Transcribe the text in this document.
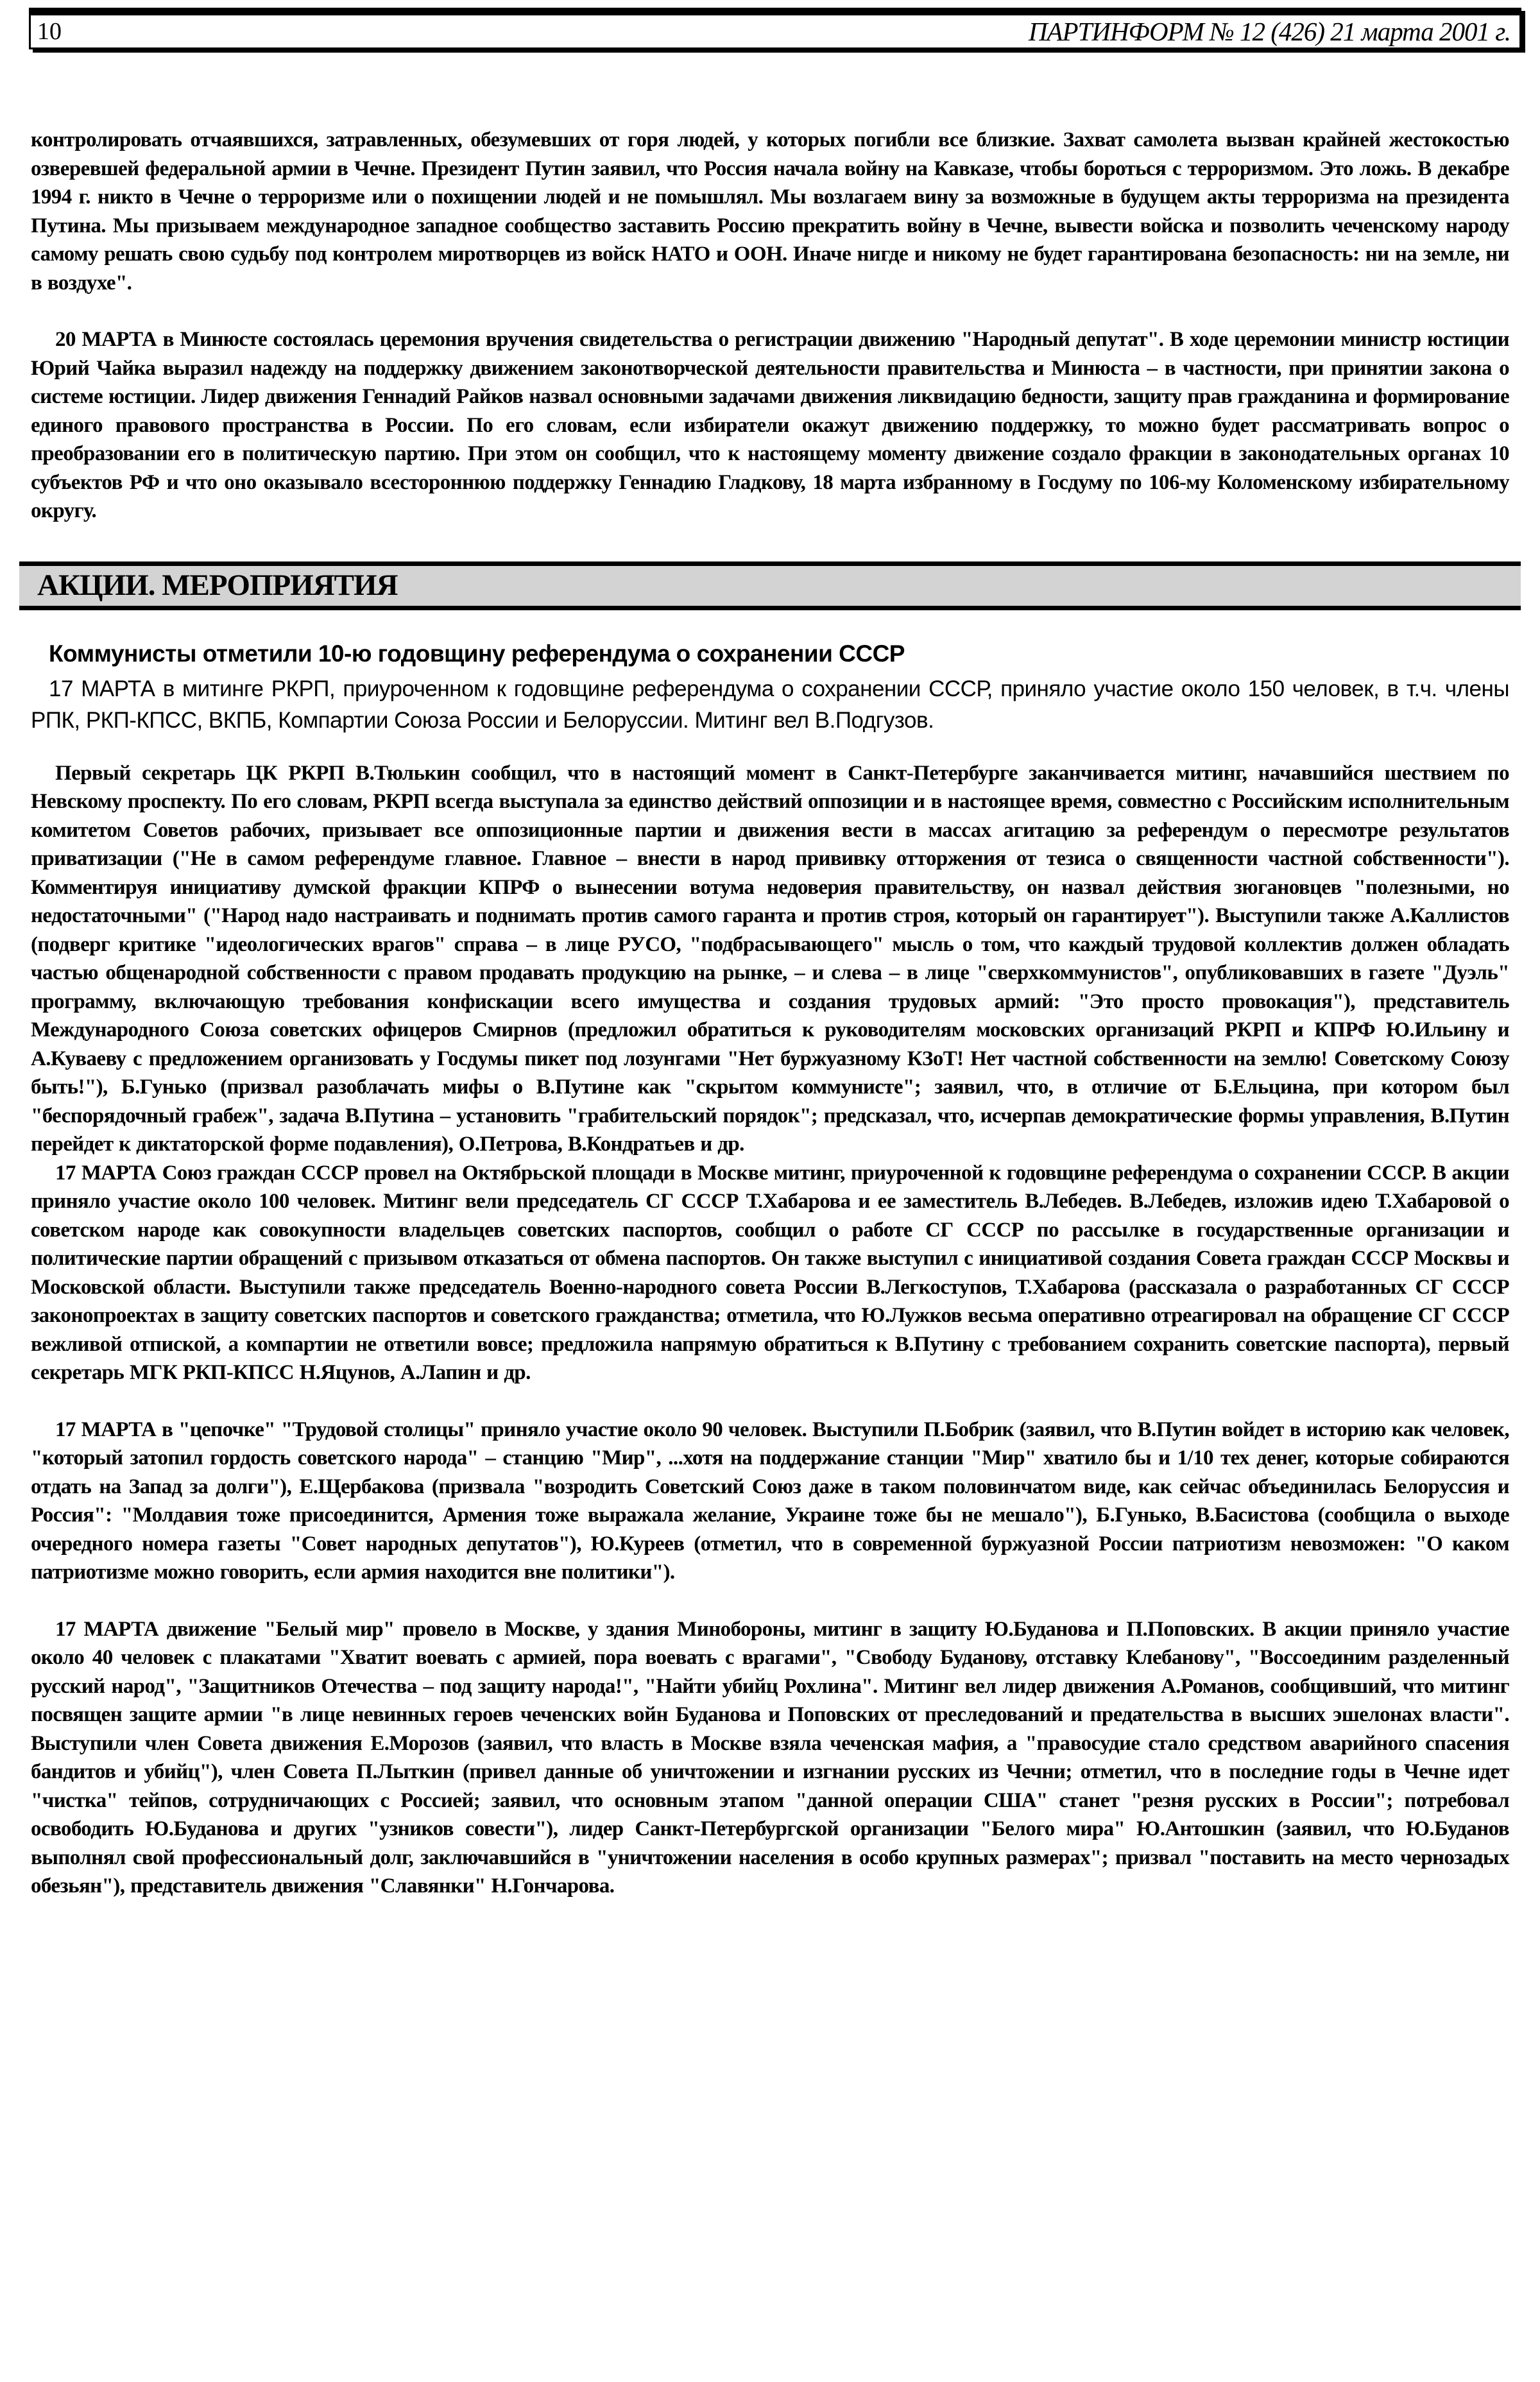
10	ПАРТИНФОРМ № 12 (426) 21 марта 2001 г.

контролировать отчаявшихся, затравленных, обезумевших от горя людей, у которых погибли все близкие. Захват самолета вызван крайней жестокостью озверевшей федеральной армии в Чечне. Президент Путин заявил, что Россия начала войну на Кавказе, чтобы бороться с терроризмом. Это ложь. В декабре 1994 г. никто в Чечне о терроризме или о похищении людей и не помышлял. Мы возлагаем вину за возможные в будущем акты терроризма на президента Путина. Мы призываем международное западное сообщество заставить Россию прекратить войну в Чечне, вывести войска и позволить чеченскому народу самому решать свою судьбу под контролем миротворцев из войск НАТО и ООН. Иначе нигде и никому не будет гарантирована безопасность: ни на земле, ни в воздухе".

20 МАРТА в Минюсте состоялась церемония вручения свидетельства о регистрации движению "Народный депутат". В ходе церемонии министр юстиции Юрий Чайка выразил надежду на поддержку движением законотворческой деятельности правительства и Минюста – в частности, при принятии закона о системе юстиции. Лидер движения Геннадий Райков назвал основными задачами движения ликвидацию бедности, защиту прав гражданина и формирование единого правового пространства в России. По его словам, если избиратели окажут движению поддержку, то можно будет рассматривать вопрос о преобразовании его в политическую партию. При этом он сообщил, что к настоящему моменту движение создало фракции в законодательных органах 10 субъектов РФ и что оно оказывало всестороннюю поддержку Геннадию Гладкову, 18 марта избранному в Госдуму по 106-му Коломенскому избирательному округу.

АКЦИИ. МЕРОПРИЯТИЯ
Коммунисты отметили 10-ю годовщину референдума о сохранении СССР

17 МАРТА в митинге РКРП, приуроченном к годовщине референдума о сохранении СССР, приняло участие около 150 человек, в т.ч. члены РПК, РКП-КПСС, ВКПБ, Компартии Союза России и Белоруссии. Митинг вел В.Подгузов.

Первый секретарь ЦК РКРП В.Тюлькин сообщил, что в настоящий момент в Санкт-Петербурге заканчивается митинг, начавшийся шествием по Невскому проспекту. По его словам, РКРП всегда выступала за единство действий оппозиции и в настоящее время, совместно с Российским исполнительным комитетом Советов рабочих, призывает все оппозиционные партии и движения вести в массах агитацию за референдум о пересмотре результатов приватизации ("Не в самом референдуме главное. Главное – внести в народ прививку отторжения от тезиса о священности частной собственности"). Комментируя инициативу думской фракции КПРФ о вынесении вотума недоверия правительству, он назвал действия зюгановцев "полезными, но недостаточными" ("Народ надо настраивать и поднимать против самого гаранта и против строя, который он гарантирует"). Выступили также А.Каллистов (подверг критике "идеологических врагов" справа – в лице РУСО, "подбрасывающего" мысль о том, что каждый трудовой коллектив должен обладать частью общенародной собственности с правом продавать продукцию на рынке, – и слева – в лице "сверхкоммунистов", опубликовавших в газете "Дуэль" программу, включающую требования конфискации всего имущества и создания трудовых армий: "Это просто провокация"), представитель Международного Союза советских офицеров Смирнов (предложил обратиться к руководителям московских организаций РКРП и КПРФ Ю.Ильину и А.Куваеву с предложением организовать у Госдумы пикет под лозунгами "Нет буржуазному КЗоТ! Нет частной собственности на землю! Советскому Союзу быть!"), Б.Гунько (призвал разоблачать мифы о В.Путине как "скрытом коммунисте"; заявил, что, в отличие от Б.Ельцина, при котором был "беспорядочный грабеж", задача В.Путина – установить "грабительский порядок"; предсказал, что, исчерпав демократические формы управления, В.Путин перейдет к диктаторской форме подавления), О.Петрова, В.Кондратьев и др.

17 МАРТА Союз граждан СССР провел на Октябрьской площади в Москве митинг, приуроченной к годовщине референдума о сохранении СССР. В акции приняло участие около 100 человек. Митинг вели председатель СГ СССР Т.Хабарова и ее заместитель В.Лебедев. В.Лебедев, изложив идею Т.Хабаровой о советском народе как совокупности владельцев советских паспортов, сообщил о работе СГ СССР по рассылке в государственные организации и политические партии обращений с призывом отказаться от обмена паспортов. Он также выступил с инициативой создания Совета граждан СССР Москвы и Московской области. Выступили также председатель Военно-народного совета России В.Легкоступов, Т.Хабарова (рассказала о разработанных СГ СССР законопроектах в защиту советских паспортов и советского гражданства; отметила, что Ю.Лужков весьма оперативно отреагировал на обращение СГ СССР вежливой отпиской, а компартии не ответили вовсе; предложила напрямую обратиться к В.Путину с требованием сохранить советские паспорта), первый секретарь МГК РКП-КПСС Н.Яцунов, А.Лапин и др.

17 МАРТА в "цепочке" "Трудовой столицы" приняло участие около 90 человек. Выступили П.Бобрик (заявил, что В.Путин войдет в историю как человек, "который затопил гордость советского народа" – станцию "Мир", ...хотя на поддержание станции "Мир" хватило бы и 1/10 тех денег, которые собираются отдать на Запад за долги"), Е.Щербакова (призвала "возродить Советский Союз даже в таком половинчатом виде, как сейчас объединилась Белоруссия и Россия": "Молдавия тоже присоединится, Армения тоже выражала желание, Украине тоже бы не мешало"), Б.Гунько, В.Басистова (сообщила о выходе очередного номера газеты "Совет народных депутатов"), Ю.Куреев (отметил, что в современной буржуазной России патриотизм невозможен: "О каком патриотизме можно говорить, если армия находится вне политики").

17 МАРТА движение "Белый мир" провело в Москве, у здания Минобороны, митинг в защиту Ю.Буданова и П.Поповских. В акции приняло участие около 40 человек с плакатами "Хватит воевать с армией, пора воевать с врагами", "Свободу Буданову, отставку Клебанову", "Воссоединим разделенный русский народ", "Защитников Отечества – под защиту народа!", "Найти убийц Рохлина". Митинг вел лидер движения А.Романов, сообщивший, что митинг посвящен защите армии "в лице невинных героев чеченских войн Буданова и Поповских от преследований и предательства в высших эшелонах власти". Выступили член Совета движения Е.Морозов (заявил, что власть в Москве взяла чеченская мафия, а "правосудие стало средством аварийного спасения бандитов и убийц"), член Совета П.Лыткин (привел данные об уничтожении и изгнании русских из Чечни; отметил, что в последние годы в Чечне идет "чистка" тейпов, сотрудничающих с Россией; заявил, что основным этапом "данной операции США" станет "резня русских в России"; потребовал освободить Ю.Буданова и других "узников совести"), лидер Санкт-Петербургской организации "Белого мира" Ю.Антошкин (заявил, что Ю.Буданов выполнял свой профессиональный долг, заключавшийся в "уничтожении населения в особо крупных размерах"; призвал "поставить на место чернозадых обезьян"), представитель движения "Славянки" Н.Гончарова.
